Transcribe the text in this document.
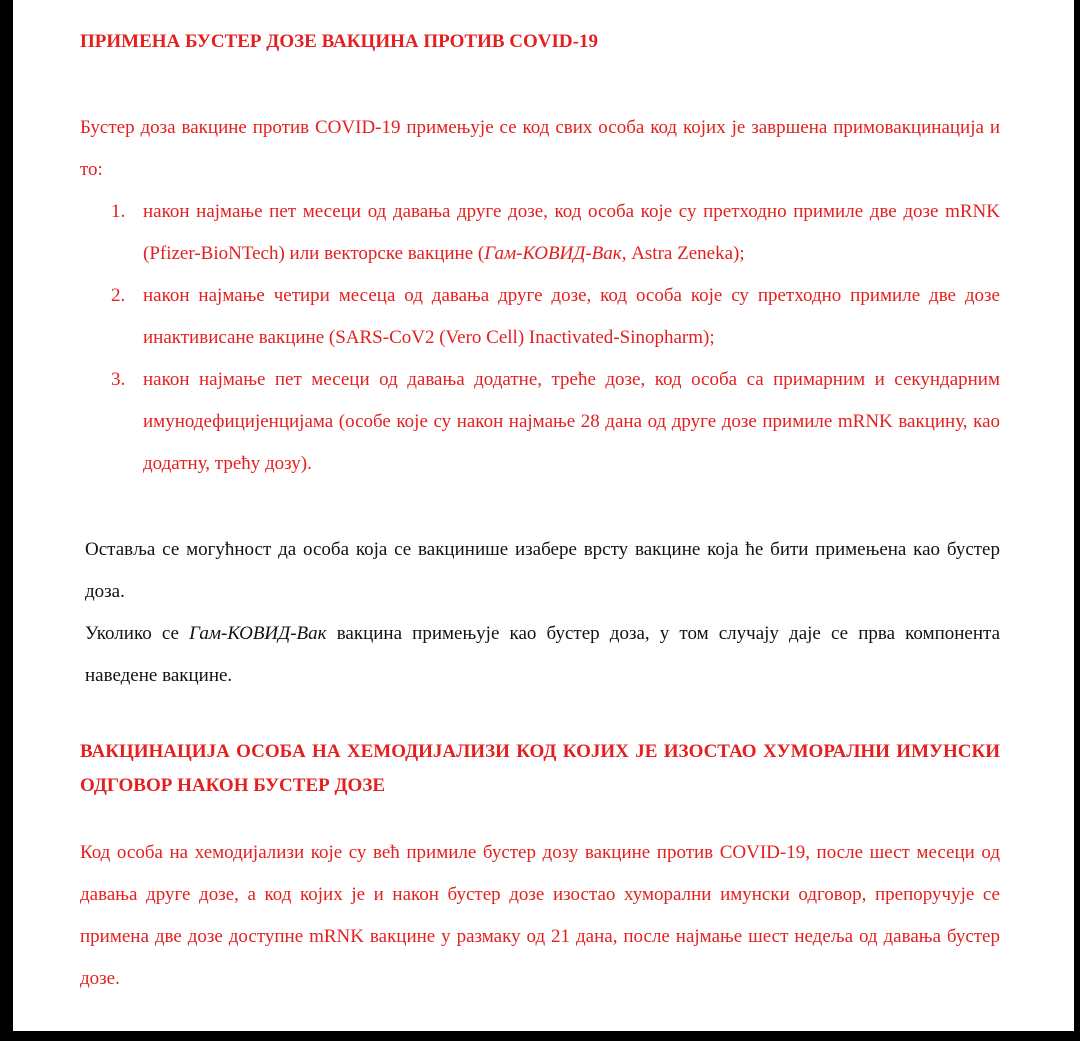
ПРИМЕНА БУСТЕР ДОЗЕ ВАКЦИНА ПРОТИВ COVID-19
Бустер доза вакцине против COVID-19 примењује се код свих особа код којих је завршена примовакцинација и то:
1. након најмање пет месеци од давања друге дозе, код особа које су претходно примиле две дозе mRNK (Pfizer-BioNTech) или векторске вакцине (Гам-КОВИД-Вак, Astra Zeneka);
2. након најмање четири месеца од давања друге дозе, код особа које су претходно примиле две дозе инактивисане вакцине (SARS-CoV2 (Vero Cell) Inactivated-Sinopharm);
3. након најмање пет месеци од давања додатне, треће дозе, код особа са примарним и секундарним имунодефицијенцијама (особе које су након најмање 28 дана од друге дозе примиле mRNK вакцину, као додатну, трећу дозу).
Оставља се могућност да особа која се вакцинише изабере врсту вакцине која ће бити примењена као бустер доза.
Уколико се Гам-КОВИД-Вак вакцина примењује као бустер доза, у том случају даје се прва компонента наведене вакцине.
ВАКЦИНАЦИЈА ОСОБА НА ХЕМОДИЈАЛИЗИ КОД КОЈИХ ЈЕ ИЗОСТАО ХУМОРАЛНИ ИМУНСКИ ОДГОВОР НАКОН БУСТЕР ДОЗЕ
Код особа на хемодијализи које су већ примиле бустер дозу вакцине против COVID-19, после шест месеци од давања друге дозе, а код којих је и након бустер дозе изостао хуморални имунски одговор, препоручује се примена две дозе доступне mRNK вакцине у размаку од 21 дана, после најмање шест недеља од давања бустер дозе.
